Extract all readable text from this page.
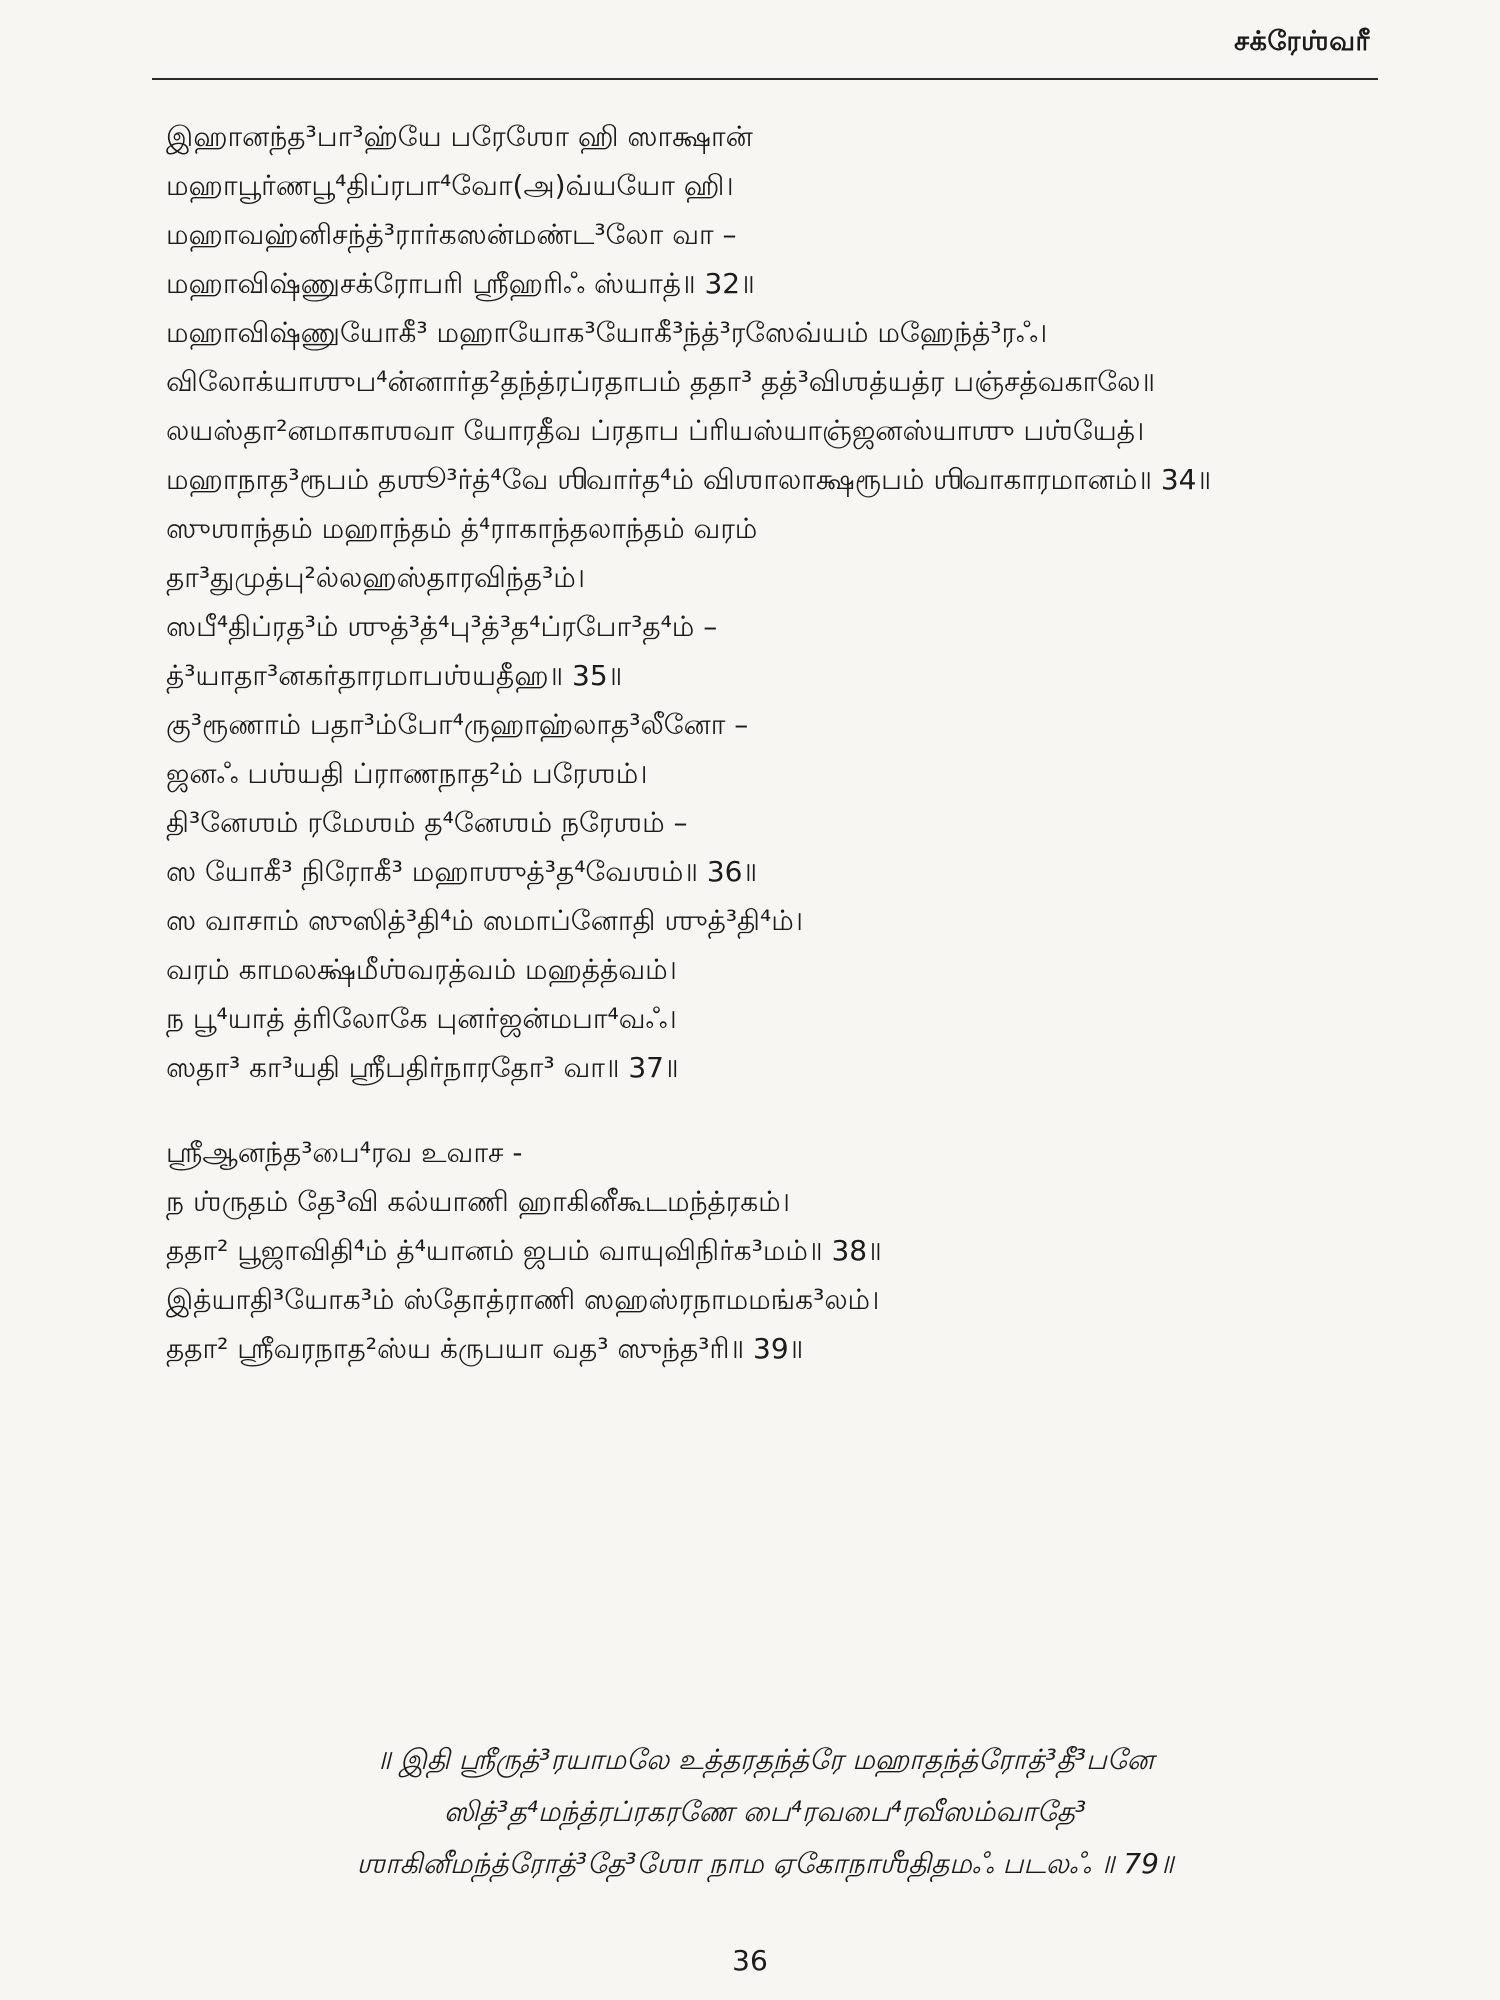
சக்ரேஶ்வரீ
இஹானந்த³பா³ஹ்யே பரேஶோ ஹி ஸாக்ஷான்
மஹாபூர்ணபூ⁴திப்ரபா⁴வோ(அ)வ்யயோ ஹி।
மஹாவஹ்னிசந்த்³ரார்கஸன்மண்ட³லோ வா –
மஹாவிஷ்ணுசக்ரோபரி ஶ்ரீஹரிஃ ஸ்யாத்॥ 32॥
மஹாவிஷ்ணுயோகீ³ மஹாயோக³யோகீ³ந்த்³ரஸேவ்யம் மஹேந்த்³ரஃ।
விலோக்யாஶுப⁴ன்னார்த²தந்த்ரப்ரதாபம் ததா³ தத்³விஶத்யத்ர பஞ்சத்வகாலே॥
லயஸ்தா²னமாகாஶவா யோரதீவ ப்ரதாப ப்ரியஸ்யாஞ்ஜனஸ்யாஶு பஶ்யேத்।
மஹாநாத³ரூபம் தஶூ³ர்த்⁴வே ஶிவார்த⁴ம் விஶாலாக்ஷரூபம் ஶிவாகாரமானம்॥ 34॥
ஸுஶாந்தம் மஹாந்தம் த்⁴ராகாந்தலாந்தம் வரம்
தா³துமுத்பு²ல்லஹஸ்தாரவிந்த³ம்।
ஸபீ⁴திப்ரத³ம் ஶுத்³த்⁴பு³த்³த⁴ப்ரபோ³த⁴ம் –
த்³யாதா³னகர்தாரமாபஶ்யதீஹ॥ 35॥
கு³ரூணாம் பதா³ம்போ⁴ருஹாஹ்லாத³லீனோ –
ஜனஃ பஶ்யதி ப்ராணநாத²ம் பரேஶம்।
தி³னேஶம் ரமேஶம் த⁴னேஶம் நரேஶம் –
ஸ யோகீ³ நிரோகீ³ மஹாஶுத்³த⁴வேஶம்॥ 36॥
ஸ வாசாம் ஸுஸித்³தி⁴ம் ஸமாப்னோதி ஶுத்³தி⁴ம்।
வரம் காமலக்ஷ்மீஶ்வரத்வம் மஹத்த்வம்।
ந பூ⁴யாத் த்ரிலோகே புனர்ஜன்மபா⁴வஃ।
ஸதா³ கா³யதி ஶ்ரீபதிர்நாரதோ³ வா॥ 37॥
ஶ்ரீஆனந்த³பை⁴ரவ உவாச -
ந ஶ்ருதம் தே³வி கல்யாணி ஹாகினீகூடமந்த்ரகம்।
ததா² பூஜாவிதி⁴ம் த்⁴யானம் ஜபம் வாயுவிநிர்க³மம்॥ 38॥
இத்யாதி³யோக³ம் ஸ்தோத்ராணி ஸஹஸ்ரநாமமங்க³லம்।
ததா² ஶ்ரீவரநாத²ஸ்ய க்ருபயா வத³ ஸுந்த³ரி॥ 39॥
॥ இதி ஶ்ரீருத்³ரயாமலே உத்தரதந்த்ரே மஹாதந்த்ரோத்³தீ³பனே
ஸித்³த⁴மந்த்ரப்ரகரணே பை⁴ரவபை⁴ரவீஸம்வாதே³
ஶாகினீமந்த்ரோத்³தே³ஶோ நாம ஏகோநாஶீதிதமஃ படலஃ ॥ 79॥
36
